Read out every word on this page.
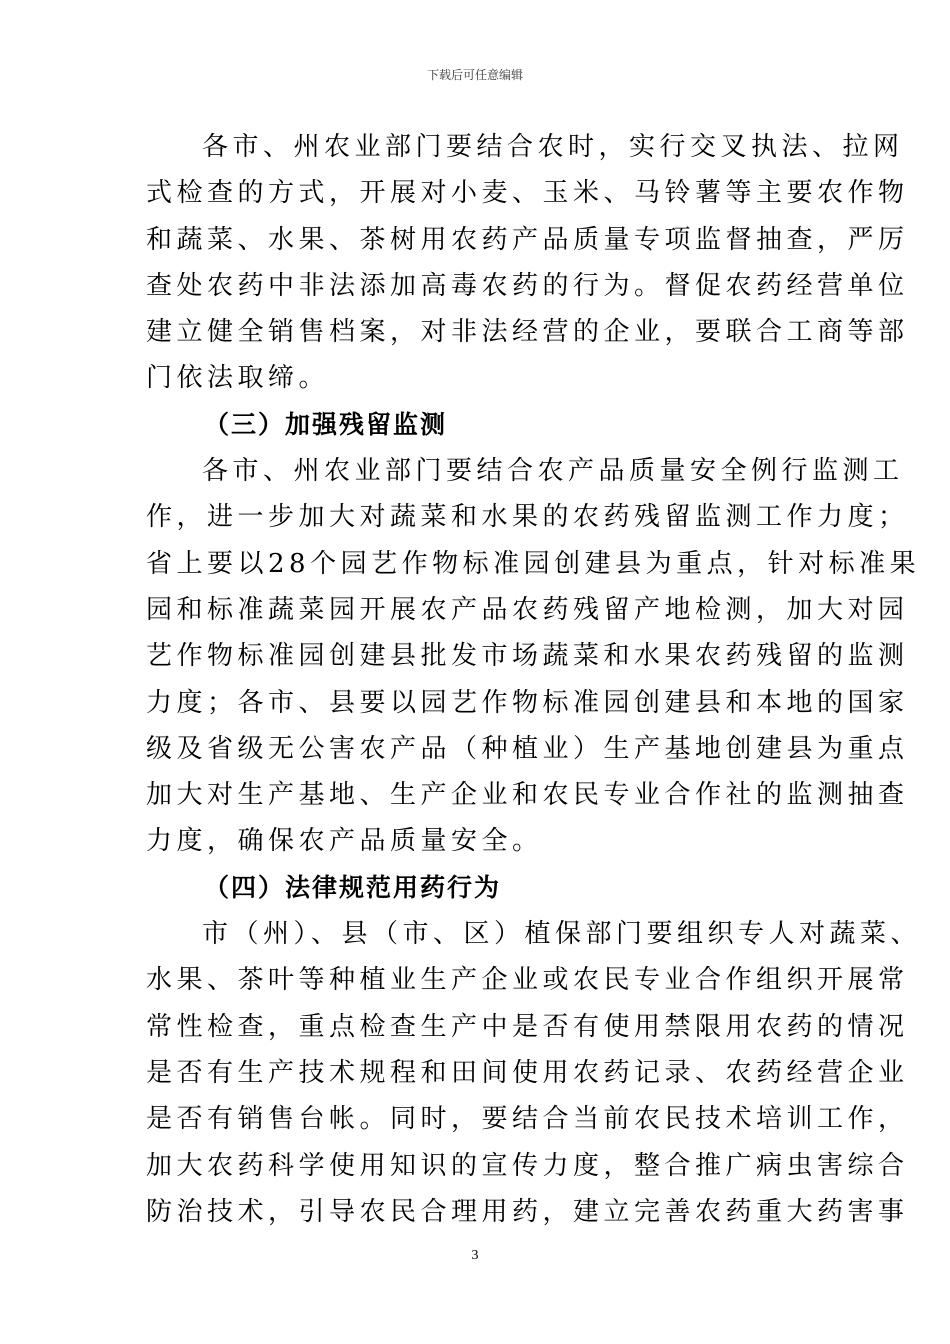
下载后可任意编辑
各市、州农业部门要结合农时，实行交叉执法、拉网
式检查的方式，开展对小麦、玉米、马铃薯等主要农作物
和蔬菜、水果、茶树用农药产品质量专项监督抽查，严厉
查处农药中非法添加高毒农药的行为。督促农药经营单位
建立健全销售档案，对非法经营的企业，要联合工商等部
门依法取缔。
（三）加强残留监测
各市、州农业部门要结合农产品质量安全例行监测工
作，进一步加大对蔬菜和水果的农药残留监测工作力度；
省上要以28个园艺作物标准园创建县为重点，针对标准果
园和标准蔬菜园开展农产品农药残留产地检测，加大对园
艺作物标准园创建县批发市场蔬菜和水果农药残留的监测
力度；各市、县要以园艺作物标准园创建县和本地的国家
级及省级无公害农产品（种植业）生产基地创建县为重点
加大对生产基地、生产企业和农民专业合作社的监测抽查
力度，确保农产品质量安全。
（四）法律规范用药行为
市（州）、县（市、区）植保部门要组织专人对蔬菜、
水果、茶叶等种植业生产企业或农民专业合作组织开展常
常性检查，重点检查生产中是否有使用禁限用农药的情况
是否有生产技术规程和田间使用农药记录、农药经营企业
是否有销售台帐。同时，要结合当前农民技术培训工作，
加大农药科学使用知识的宣传力度，整合推广病虫害综合
防治技术，引导农民合理用药，建立完善农药重大药害事
3
